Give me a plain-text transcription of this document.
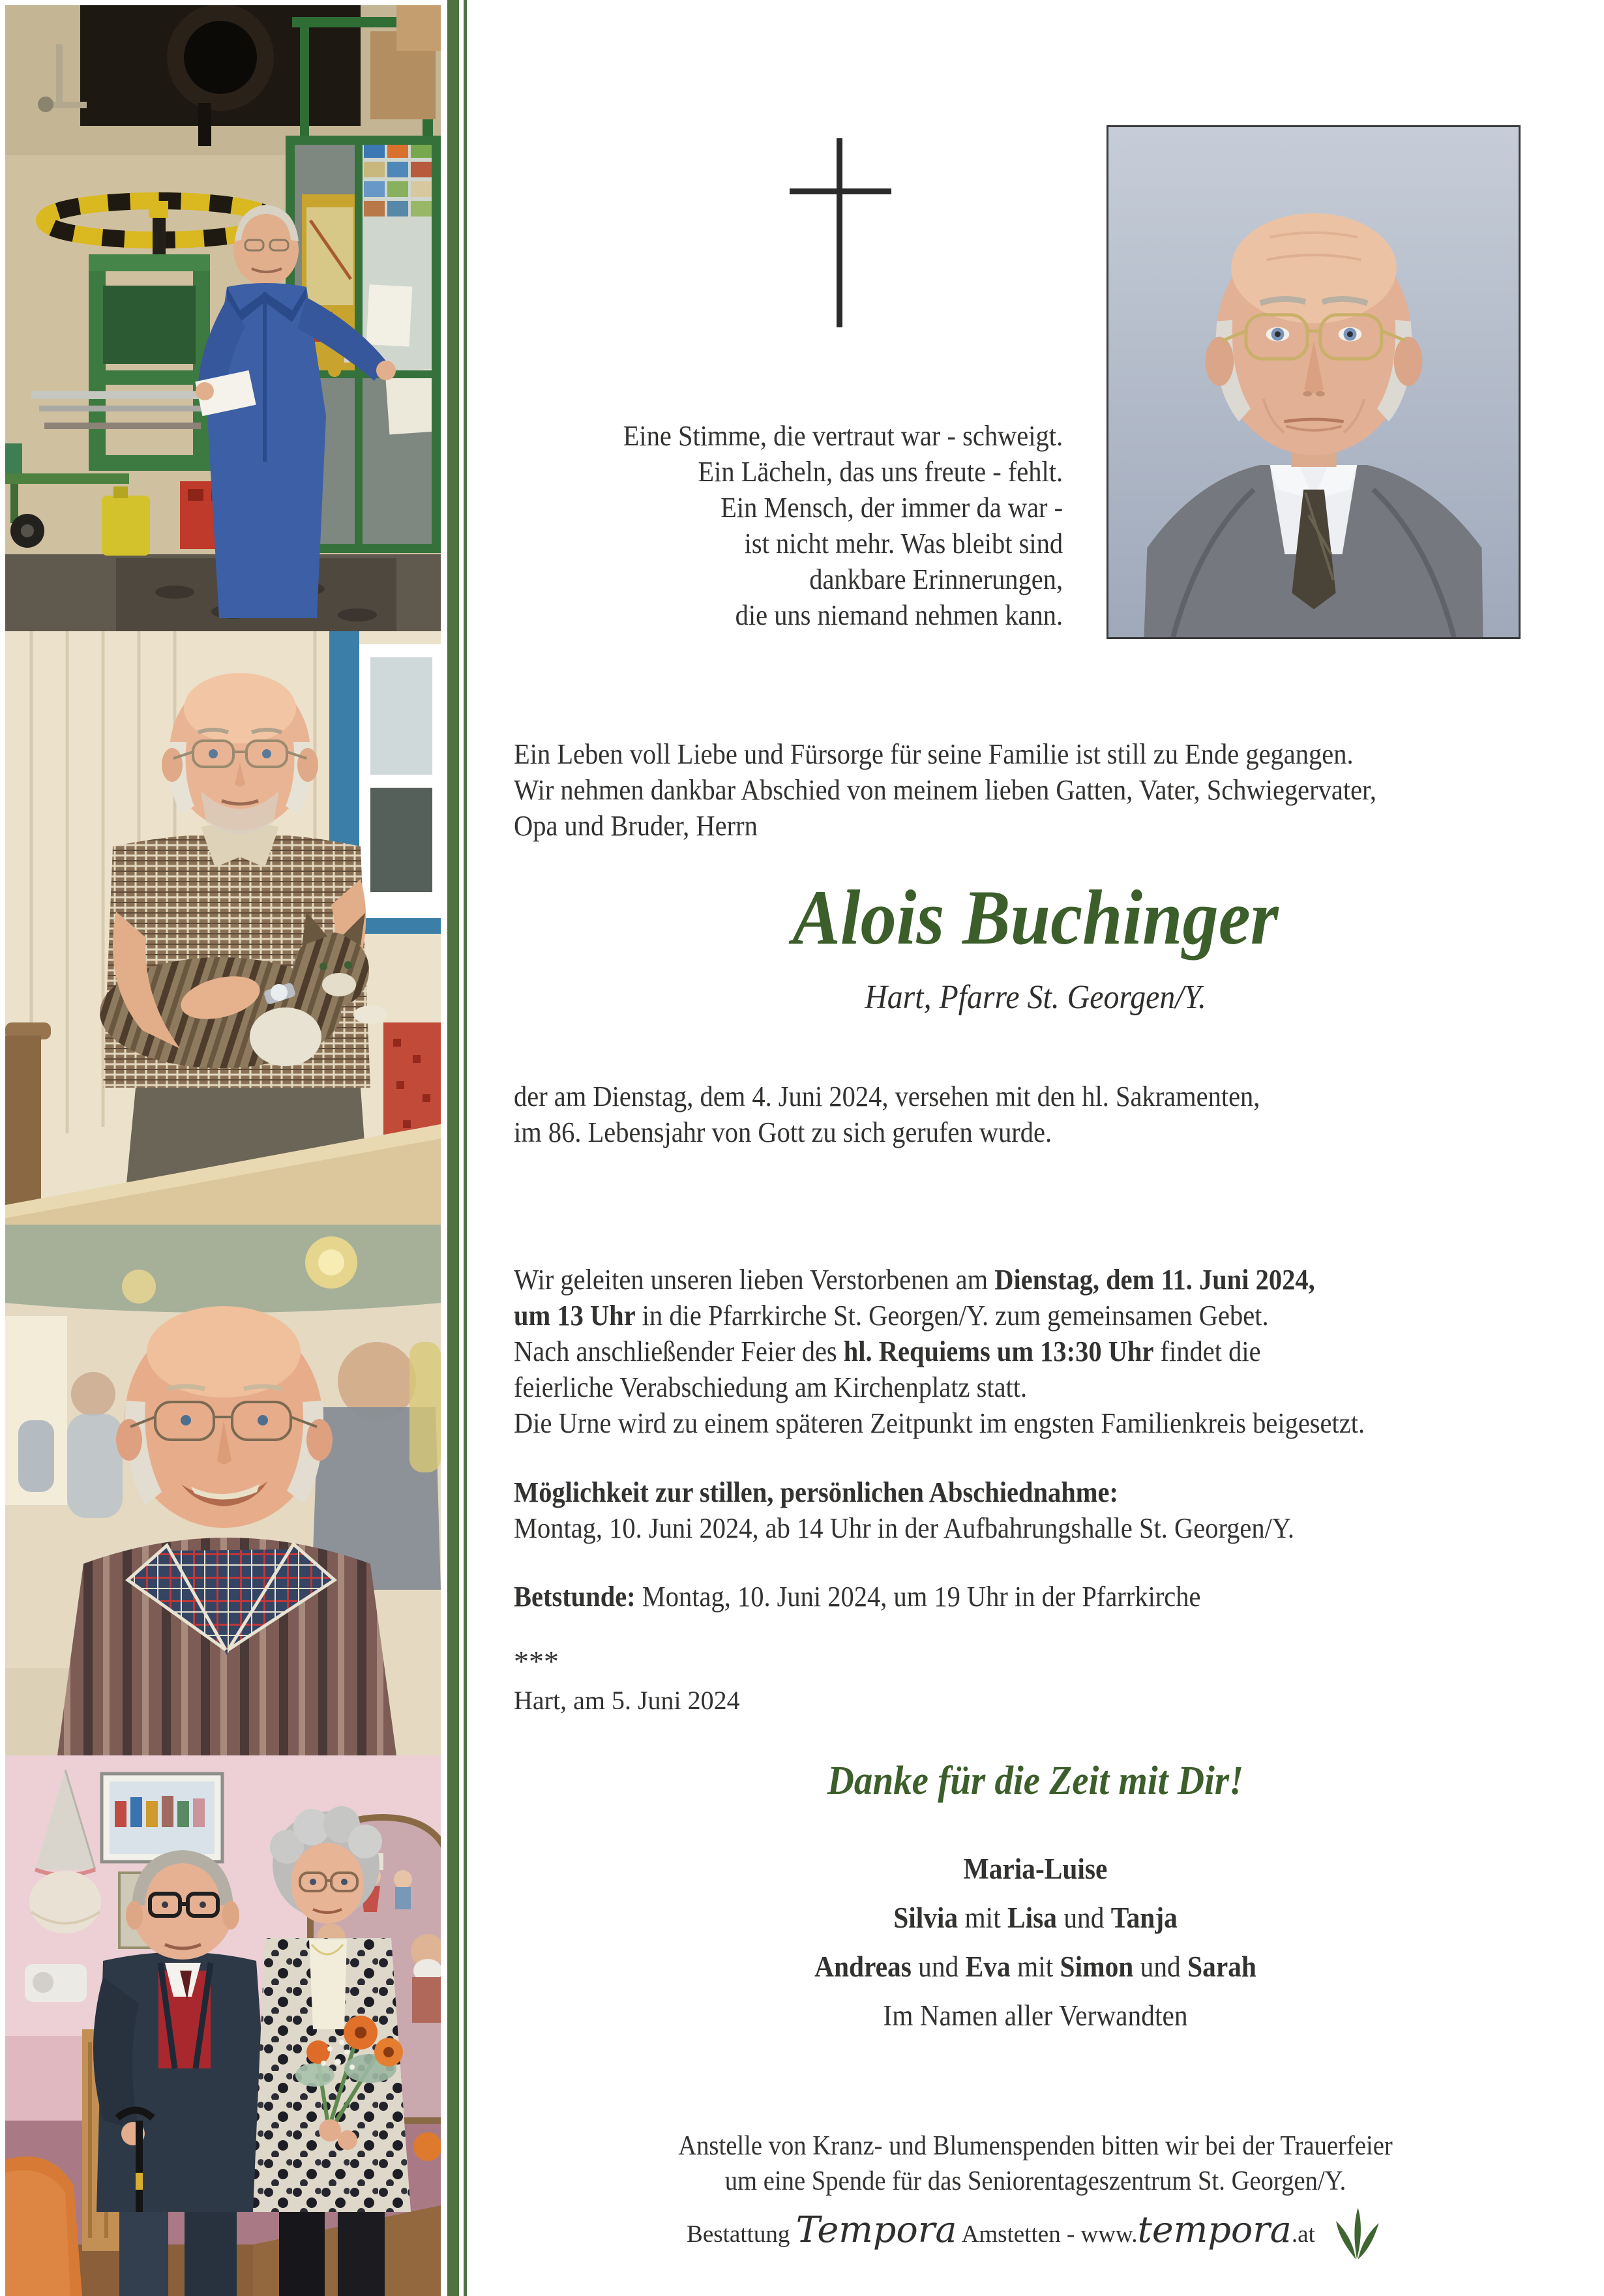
Eine Stimme, die vertraut war - schweigt.
Ein Lächeln, das uns freute - fehlt.
Ein Mensch, der immer da war -
ist nicht mehr. Was bleibt sind
dankbare Erinnerungen,
die uns niemand nehmen kann.
Ein Leben voll Liebe und Fürsorge für seine Familie ist still zu Ende gegangen.
Wir nehmen dankbar Abschied von meinem lieben Gatten, Vater, Schwiegervater,
Opa und Bruder, Herrn
Alois Buchinger
Hart, Pfarre St. Georgen/Y.
der am Dienstag, dem 4. Juni 2024, versehen mit den hl. Sakramenten,
im 86. Lebensjahr von Gott zu sich gerufen wurde.
Wir geleiten unseren lieben Verstorbenen am Dienstag, dem 11. Juni 2024,
um 13 Uhr in die Pfarrkirche St. Georgen/Y. zum gemeinsamen Gebet.
Nach anschließender Feier des hl. Requiems um 13:30 Uhr findet die
feierliche Verabschiedung am Kirchenplatz statt.
Die Urne wird zu einem späteren Zeitpunkt im engsten Familienkreis beigesetzt.
Möglichkeit zur stillen, persönlichen Abschiednahme:
Montag, 10. Juni 2024, ab 14 Uhr in der Aufbahrungshalle St. Georgen/Y.
Betstunde: Montag, 10. Juni 2024, um 19 Uhr in der Pfarrkirche
***
Hart, am 5. Juni 2024
Danke für die Zeit mit Dir!
Maria-Luise
Silvia mit Lisa und Tanja
Andreas und Eva mit Simon und Sarah
Im Namen aller Verwandten
Anstelle von Kranz- und Blumenspenden bitten wir bei der Trauerfeier
um eine Spende für das Seniorentageszentrum St. Georgen/Y.
Bestattung Tempora Amstetten - www.tempora.at
